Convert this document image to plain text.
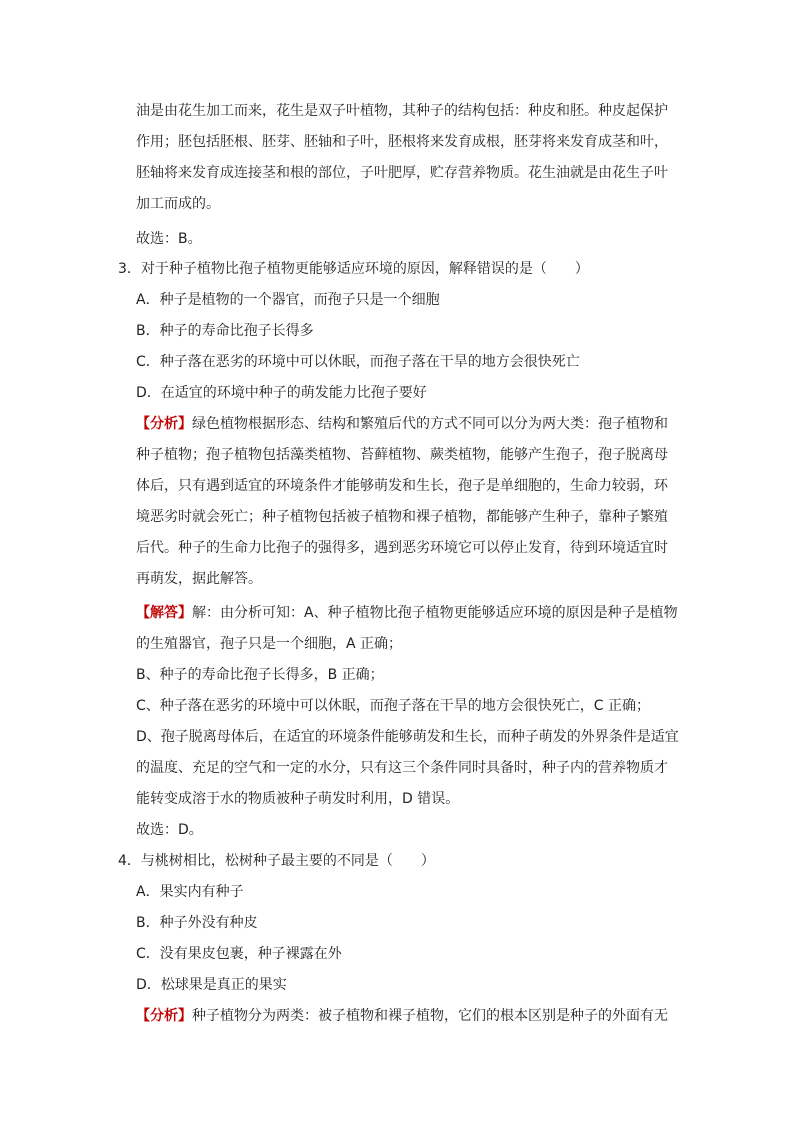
油是由花生加工而来，花生是双子叶植物，其种子的结构包括：种皮和胚。种皮起保护
作用；胚包括胚根、胚芽、胚轴和子叶，胚根将来发育成根，胚芽将来发育成茎和叶，
胚轴将来发育成连接茎和根的部位，子叶肥厚，贮存营养物质。花生油就是由花生子叶
加工而成的。
故选：B。
3．对于种子植物比孢子植物更能够适应环境的原因，解释错误的是（　　）
A．种子是植物的一个器官，而孢子只是一个细胞
B．种子的寿命比孢子长得多
C．种子落在恶劣的环境中可以休眠，而孢子落在干旱的地方会很快死亡
D．在适宜的环境中种子的萌发能力比孢子要好
【分析】绿色植物根据形态、结构和繁殖后代的方式不同可以分为两大类：孢子植物和
种子植物；孢子植物包括藻类植物、苔藓植物、蕨类植物，能够产生孢子，孢子脱离母
体后，只有遇到适宜的环境条件才能够萌发和生长，孢子是单细胞的，生命力较弱，环
境恶劣时就会死亡；种子植物包括被子植物和裸子植物，都能够产生种子，靠种子繁殖
后代。种子的生命力比孢子的强得多，遇到恶劣环境它可以停止发育，待到环境适宜时
再萌发，据此解答。
【解答】解：由分析可知：A、种子植物比孢子植物更能够适应环境的原因是种子是植物
的生殖器官，孢子只是一个细胞，A 正确；
B、种子的寿命比孢子长得多，B 正确；
C、种子落在恶劣的环境中可以休眠，而孢子落在干旱的地方会很快死亡，C 正确；
D、孢子脱离母体后，在适宜的环境条件能够萌发和生长，而种子萌发的外界条件是适宜
的温度、充足的空气和一定的水分，只有这三个条件同时具备时，种子内的营养物质才
能转变成溶于水的物质被种子萌发时利用，D 错误。
故选：D。
4．与桃树相比，松树种子最主要的不同是（　　）
A．果实内有种子
B．种子外没有种皮
C．没有果皮包裹，种子裸露在外
D．松球果是真正的果实
【分析】种子植物分为两类：被子植物和裸子植物，它们的根本区别是种子的外面有无
